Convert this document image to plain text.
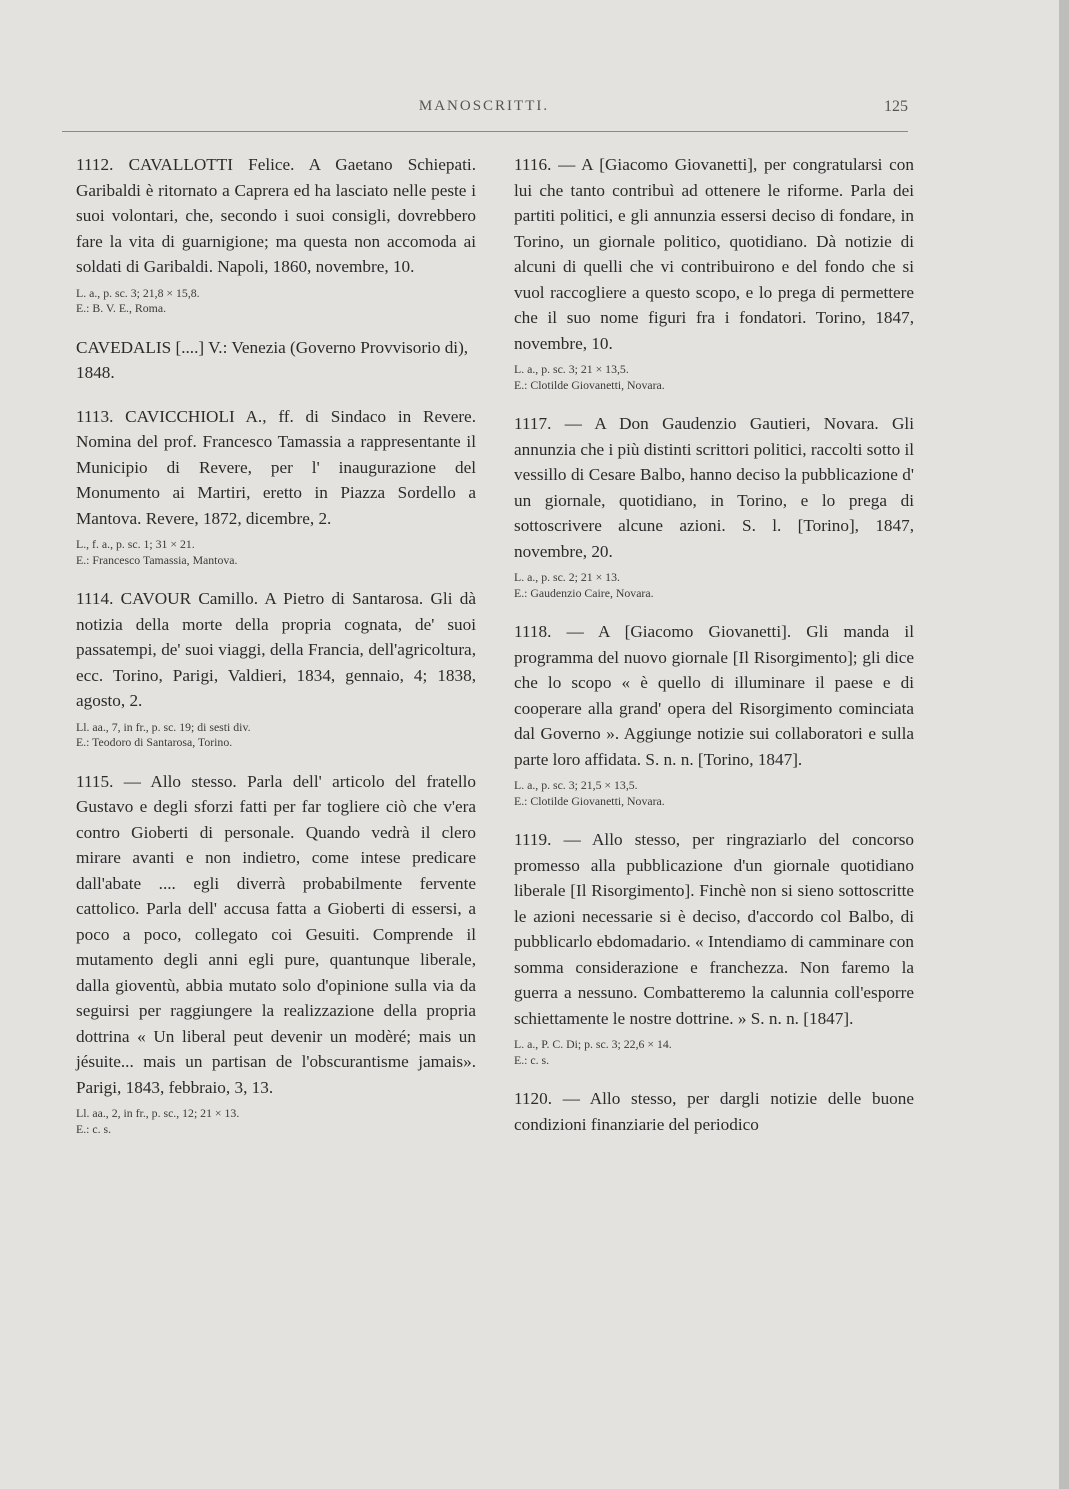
MANOSCRITTI.	125

1112. CAVALLOTTI Felice. A Gaetano Schiepati. Garibaldi è ritornato a Caprera ed ha lasciato nelle peste i suoi volontari, che, secondo i suoi consigli, dovrebbero fare la vita di guarnigione; ma questa non accomoda ai soldati di Garibaldi. Napoli, 1860, novembre, 10.

L. a., p. sc. 3; 21,8 × 15,8.
E.: B. V. E., Roma.

CAVEDALIS [....] V.: Venezia (Governo Provvisorio di), 1848.

1113. CAVICCHIOLI A., ff. di Sindaco in Revere. Nomina del prof. Francesco Tamassia a rappresentante il Municipio di Revere, per l' inaugurazione del Monumento ai Martiri, eretto in Piazza Sordello a Mantova. Revere, 1872, dicembre, 2.

L., f. a., p. sc. 1; 31 × 21.
E.: Francesco Tamassia, Mantova.

1114. CAVOUR Camillo. A Pietro di Santarosa. Gli dà notizia della morte della propria cognata, de' suoi passatempi, de' suoi viaggi, della Francia, dell'agricoltura, ecc. Torino, Parigi, Valdieri, 1834, gennaio, 4; 1838, agosto, 2.

Ll. aa., 7, in fr., p. sc. 19; di sesti div.
E.: Teodoro di Santarosa, Torino.

1115. — Allo stesso. Parla dell' articolo del fratello Gustavo e degli sforzi fatti per far togliere ciò che v'era contro Gioberti di personale. Quando vedrà il clero mirare avanti e non indietro, come intese predicare dall'abate .... egli diverrà probabilmente fervente cattolico. Parla dell' accusa fatta a Gioberti di essersi, a poco a poco, collegato coi Gesuiti. Comprende il mutamento degli anni egli pure, quantunque liberale, dalla gioventù, abbia mutato solo d'opinione sulla via da seguirsi per raggiungere la realizzazione della propria dottrina « Un liberal peut devenir un modèré; mais un jésuite... mais un partisan de l'obscurantisme jamais». Parigi, 1843, febbraio, 3, 13.

Ll. aa., 2, in fr., p. sc., 12; 21 × 13.
E.: c. s.

1116. — A [Giacomo Giovanetti], per congratularsi con lui che tanto contribuì ad ottenere le riforme. Parla dei partiti politici, e gli annunzia essersi deciso di fondare, in Torino, un giornale politico, quotidiano. Dà notizie di alcuni di quelli che vi contribuirono e del fondo che si vuol raccogliere a questo scopo, e lo prega di permettere che il suo nome figuri fra i fondatori. Torino, 1847, novembre, 10.

L. a., p. sc. 3; 21 × 13,5.
E.: Clotilde Giovanetti, Novara.

1117. — A Don Gaudenzio Gautieri, Novara. Gli annunzia che i più distinti scrittori politici, raccolti sotto il vessillo di Cesare Balbo, hanno deciso la pubblicazione d' un giornale, quotidiano, in Torino, e lo prega di sottoscrivere alcune azioni. S. l. [Torino], 1847, novembre, 20.

L. a., p. sc. 2; 21 × 13.
E.: Gaudenzio Caire, Novara.

1118. — A [Giacomo Giovanetti]. Gli manda il programma del nuovo giornale [Il Risorgimento]; gli dice che lo scopo « è quello di illuminare il paese e di cooperare alla grand' opera del Risorgimento cominciata dal Governo ». Aggiunge notizie sui collaboratori e sulla parte loro affidata. S. n. n. [Torino, 1847].

L. a., p. sc. 3; 21,5 × 13,5.
E.: Clotilde Giovanetti, Novara.

1119. — Allo stesso, per ringraziarlo del concorso promesso alla pubblicazione d'un giornale quotidiano liberale [Il Risorgimento]. Finchè non si sieno sottoscritte le azioni necessarie si è deciso, d'accordo col Balbo, di pubblicarlo ebdomadario. « Intendiamo di camminare con somma considerazione e franchezza. Non faremo la guerra a nessuno. Combatteremo la calunnia coll'esporre schiettamente le nostre dottrine. » S. n. n. [1847].

L. a., P. C. Di; p. sc. 3; 22,6 × 14.
E.: c. s.

1120. — Allo stesso, per dargli notizie delle buone condizioni finanziarie del periodico
